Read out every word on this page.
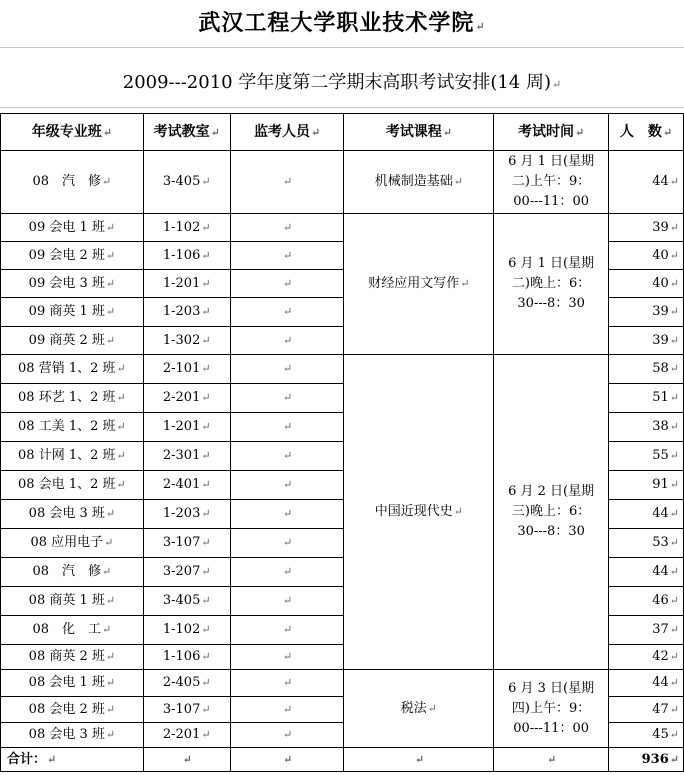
武汉工程大学职业技术学院↵
2009---2010 学年度第二学期末高职考试安排(14 周)↵
年级专业班↵	考试教室↵	监考人员↵	考试课程↵	考试时间↵	人　数↵
08　汽　修↵	3-405↵	↵	机械制造基础↵	6 月 1 日(星期
二)上午：9：
00---11：00	44↵
09 会电 1 班↵	1-102↵	↵	财经应用文写作↵	6 月 1 日(星期
二)晚上：6：
30---8：30	39↵
09 会电 2 班↵	1-106↵	↵			40↵
09 会电 3 班↵	1-201↵	↵			40↵
09 商英 1 班↵	1-203↵	↵			39↵
09 商英 2 班↵	1-302↵	↵			39↵
08 营销 1、2 班↵	2-101↵	↵	中国近现代史↵	6 月 2 日(星期
三)晚上：6：
30---8：30	58↵
08 环艺 1、2 班↵	2-201↵	↵			51↵
08 工美 1、2 班↵	1-201↵	↵			38↵
08 计网 1、2 班↵	2-301↵	↵			55↵
08 会电 1、2 班↵	2-401↵	↵			91↵
08 会电 3 班↵	1-203↵	↵			44↵
08 应用电子↵	3-107↵	↵			53↵
08　汽　修↵	3-207↵	↵			44↵
08 商英 1 班↵	3-405↵	↵			46↵
08　化　工↵	1-102↵	↵			37↵
08 商英 2 班↵	1-106↵	↵			42↵
08 会电 1 班↵	2-405↵	↵	税法↵	6 月 3 日(星期
四)上午：9：
00---11：00	44↵
08 会电 2 班↵	3-107↵	↵			47↵
08 会电 3 班↵	2-201↵	↵			45↵
合计：↵	↵	↵	↵	↵	936↵
